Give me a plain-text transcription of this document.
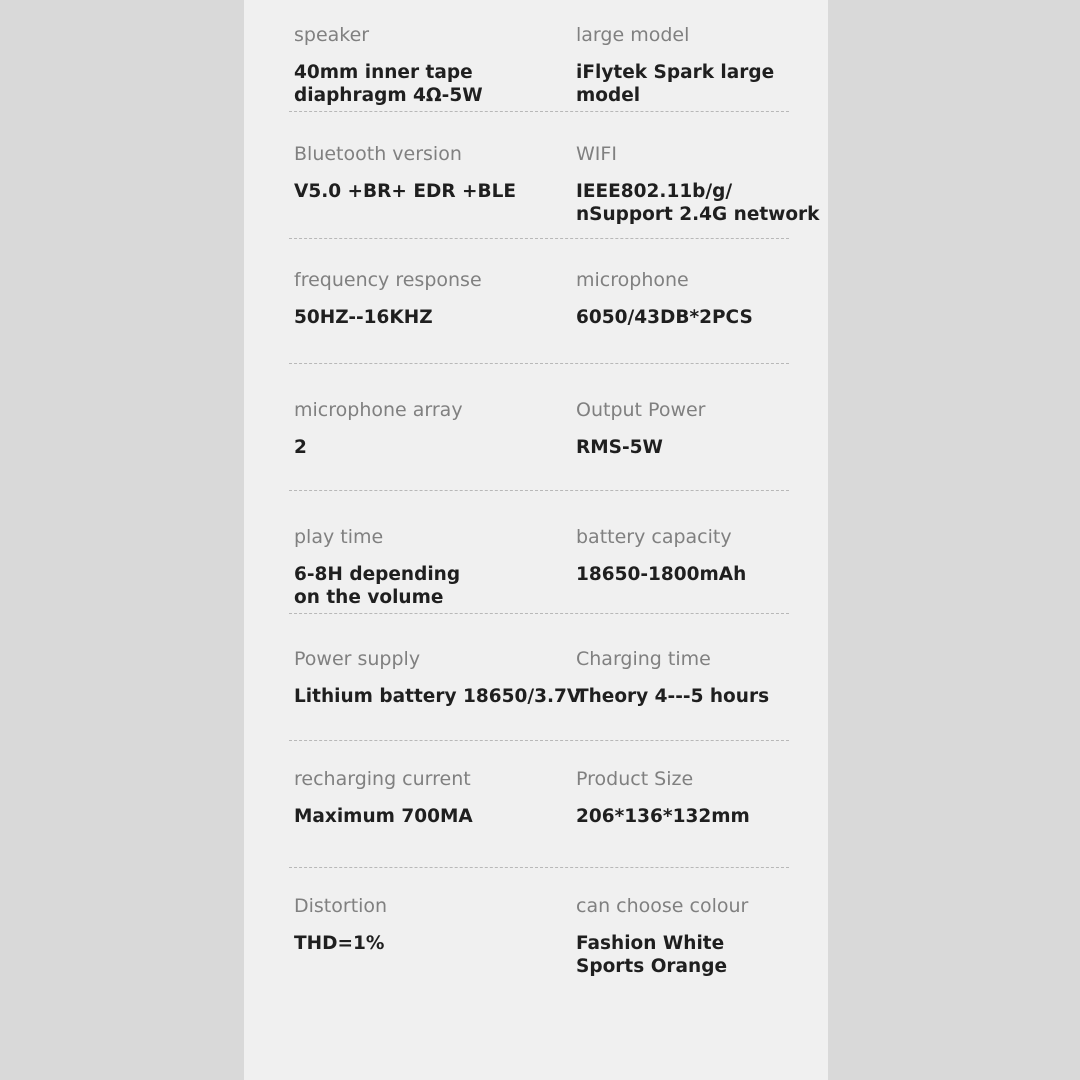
speaker
40mm inner tape
diaphragm 4Ω-5W
large model
iFlytek Spark large model
Bluetooth version
V5.0 +BR+ EDR +BLE
WIFI
IEEE802.11b/g/
nSupport 2.4G network
frequency response
50HZ--16KHZ
microphone
6050/43DB*2PCS
microphone array
2
Output Power
RMS-5W
play time
6-8H depending
on the volume
battery capacity
18650-1800mAh
Power supply
Lithium battery 18650/3.7V
Charging time
Theory 4---5 hours
recharging current
Maximum 700MA
Product Size
206*136*132mm
Distortion
THD=1%
can choose colour
Fashion White
Sports Orange
